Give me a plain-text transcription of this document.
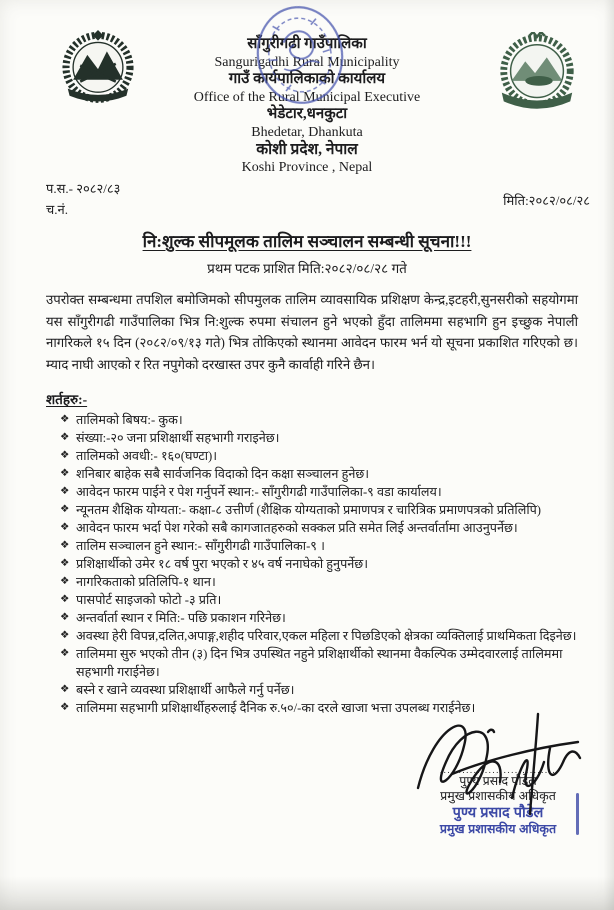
साँगुरीगढी गाउँपालिका
Sangurigadhi Rural Municipality
गाउँ कार्यपालिकाको कार्यालय
Office of the Rural Municipal Executive
भेडेटार,धनकुटा
Bhedetar, Dhankuta
कोशी प्रदेश, नेपाल
Koshi Province , Nepal
प.स.- २०८२/८३
च.नं.
मिति:२०८२/०८/२८
नि:शुल्क सीपमूलक तालिम सञ्चालन सम्बन्धी सूचना!!!
प्रथम पटक प्राशित मिति:२०८२/०८/२८ गते
उपरोक्त सम्बन्धमा तपशिल बमोजिमको सीपमुलक तालिम व्यावसायिक प्रशिक्षण केन्द्र,इटहरी,सुनसरीको सहयोगमा यस साँगुरीगढी गाउँपालिका भित्र नि:शुल्क रुपमा संचालन हुने भएको हुँदा तालिममा सहभागि हुन इच्छुक नेपाली नागरिकले १५ दिन (२०८२/०९/१३ गते) भित्र तोकिएको स्थानमा आवेदन फारम भर्न यो सूचना प्रकाशित गरिएको छ। म्याद नाघी आएको र रित नपुगेको दरखास्त उपर कुनै कार्वाही गरिने छैन।
शर्तहरु:-
❖ तालिमको बिषय:- कुक।
❖ संख्या:-२० जना प्रशिक्षार्थी सहभागी गराइनेछ।
❖ तालिमको अवधी:- १६०(घण्टा)।
❖ शनिबार बाहेक सबै सार्वजनिक विदाको दिन कक्षा सञ्चालन हुनेछ।
❖ आवेदन फारम पाईने र पेश गर्नुपर्ने स्थान:- साँगुरीगढी गाउँपालिका-९ वडा कार्यालय।
❖ न्यूनतम शैक्षिक योग्यता:- कक्षा-८ उत्तीर्ण (शैक्षिक योग्यताको प्रमाणपत्र र चारित्रिक प्रमाणपत्रको प्रतिलिपि)
❖ आवेदन फारम भर्दा पेश गरेको सबै कागजातहरुको सक्कल प्रति समेत लिई अन्तर्वार्तामा आउनुपर्नेछ।
❖ तालिम सञ्चालन हुने स्थान:- साँगुरीगढी गाउँपालिका-९ ।
❖ प्रशिक्षार्थीको उमेर १८ वर्ष पुरा भएको र ४५ वर्ष ननाघेको हुनुपर्नेछ।
❖ नागरिकताको प्रतिलिपि-१ थान।
❖ पासपोर्ट साइजको फोटो -३ प्रति।
❖ अन्तर्वार्ता स्थान र मिति:- पछि प्रकाशन गरिनेछ।
❖ अवस्था हेरी विपन्न,दलित,अपाङ्ग,शहीद परिवार,एकल महिला र पिछडिएको क्षेत्रका व्यक्तिलाई प्राथमिकता दिइनेछ।
❖ तालिममा सुरु भएको तीन (३) दिन भित्र उपस्थित नहुने प्रशिक्षार्थीको स्थानमा वैकल्पिक उम्मेदवारलाई तालिममा सहभागी गराईनेछ।
❖ बस्ने र खाने व्यवस्था प्रशिक्षार्थी आफैले गर्नु पर्नेछ।
❖ तालिममा सहभागी प्रशिक्षार्थीहरुलाई दैनिक रु.५०/-का दरले खाजा भत्ता उपलब्ध गराईनेछ।
...............................
पुण्य प्रसाद पौडेल
प्रमुख प्रशासकीय अधिकृत
पुण्य प्रसाद पौडेल
प्रमुख प्रशासकीय अधिकृत
